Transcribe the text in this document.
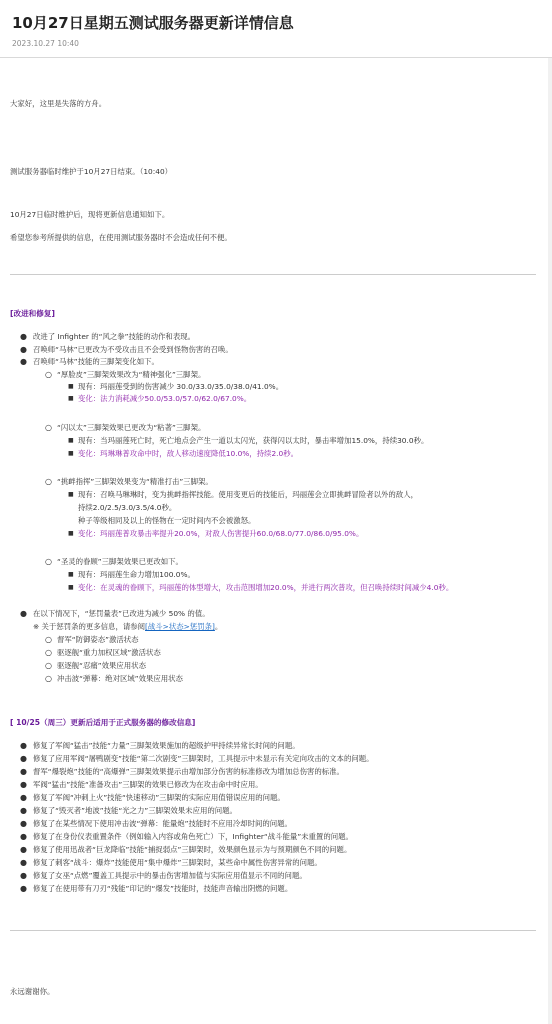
10月27日星期五测试服务器更新详情信息
2023.10.27 10:40
大家好，这里是失落的方舟。
测试服务器临时维护于10月27日结束。（10:40）
10月27日临时维护后，现将更新信息通知如下。
希望您参考所提供的信息，在使用测试服务器时不会造成任何不便。
[改进和修复]
● 改进了 Infighter 的“风之拳”技能的动作和表现。
● 召唤师“马林”已更改为不受攻击且不会受到怪物伤害的召唤。
● 召唤师“马林”技能的三脚架变化如下。
○ “厚脸皮”三脚架效果改为“精神强化”三脚架。
■ 现有：玛丽莲受到的伤害减少 30.0/33.0/35.0/38.0/41.0%。
■ 变化：法力消耗减少50.0/53.0/57.0/62.0/67.0%。
○ “闪以太”三脚架效果已更改为“粘著”三脚架。
■ 现有：当玛丽莲死亡时，死亡地点会产生一道以太闪光，获得闪以太时，暴击率增加15.0%，持续30.0秒。
■ 变化：玛琳琳普攻命中时，敌人移动速度降低10.0%，持续2.0秒。
○ “挑衅指挥”三脚架效果变为“精准打击”三脚架。
■ 现有：召唤马琳琳时，变为挑衅指挥技能。使用变更后的技能后，玛丽莲会立即挑衅冒险者以外的敌人，
持续2.0/2.5/3.0/3.5/4.0秒。
种子等级相同及以上的怪物在一定时间内不会被激怒。
■ 变化：玛丽莲普攻暴击率提升20.0%，对敌人伤害提升60.0/68.0/77.0/86.0/95.0%。
○ “圣灵的眷顾”三脚架效果已更改如下。
■ 现有：玛丽莲生命力增加100.0%。
■ 变化：在灵魂的眷顾下，玛丽莲的体型增大，攻击范围增加20.0%，并进行两次普攻，但召唤持续时间减少4.0秒。
● 在以下情况下，“惩罚量表”已改进为减少 50% 的值。
※ 关于惩罚条的更多信息，请参阅[战斗>状态>惩罚条]。
○ 督军“防御姿态”激活状态
○ 驱逐舰“重力加权区域”激活状态
○ 驱逐舰“忍痛”效果应用状态
○ 冲击波“弹幕：绝对区域”效果应用状态
[ 10/25（周三）更新后适用于正式服务器的修改信息]
● 修复了军阀“猛击”技能“力量”三脚架效果施加的超级护甲持续异常长时间的问题。
● 修复了应用军阀“屠鸭剧变”技能“第二次剧变”三脚架时，工具提示中未显示有关定向攻击的文本的问题。
● 督军“爆裂炮”技能的“高爆弹”三脚架效果提示由增加部分伤害的标准修改为增加总伤害的标准。
● 军阀“猛击”技能“准备攻击”三脚架的效果已修改为在攻击命中时应用。
● 修复了军阀“冲刺上火”技能“快速移动”三脚架的实际应用值错误应用的问题。
● 修复了“毁灭者”地波”技能“光之力”三脚架效果未应用的问题。
● 修复了在某些情况下使用冲击波“弹幕：能量炮”技能时不应用冷却时间的问题。
● 修复了在身份仪表重置条件（例如输入内容或角色死亡）下，Infighter“战斗能量”未重置的问题。
● 修复了使用迅战者“巨龙降临”技能“捕捉弱点”三脚架时，效果颜色显示为与预期颜色不同的问题。
● 修复了刺客“战斗：爆炸”技能使用“集中爆炸”三脚架时，某些命中属性伤害异常的问题。
● 修复了女巫“点燃”覆盖工具提示中的暴击伤害增加值与实际应用值显示不同的问题。
● 修复了在使用带有刀刃“残能”印记的“爆发”技能时，技能声音输出阴燃的问题。
永远谢谢你。
